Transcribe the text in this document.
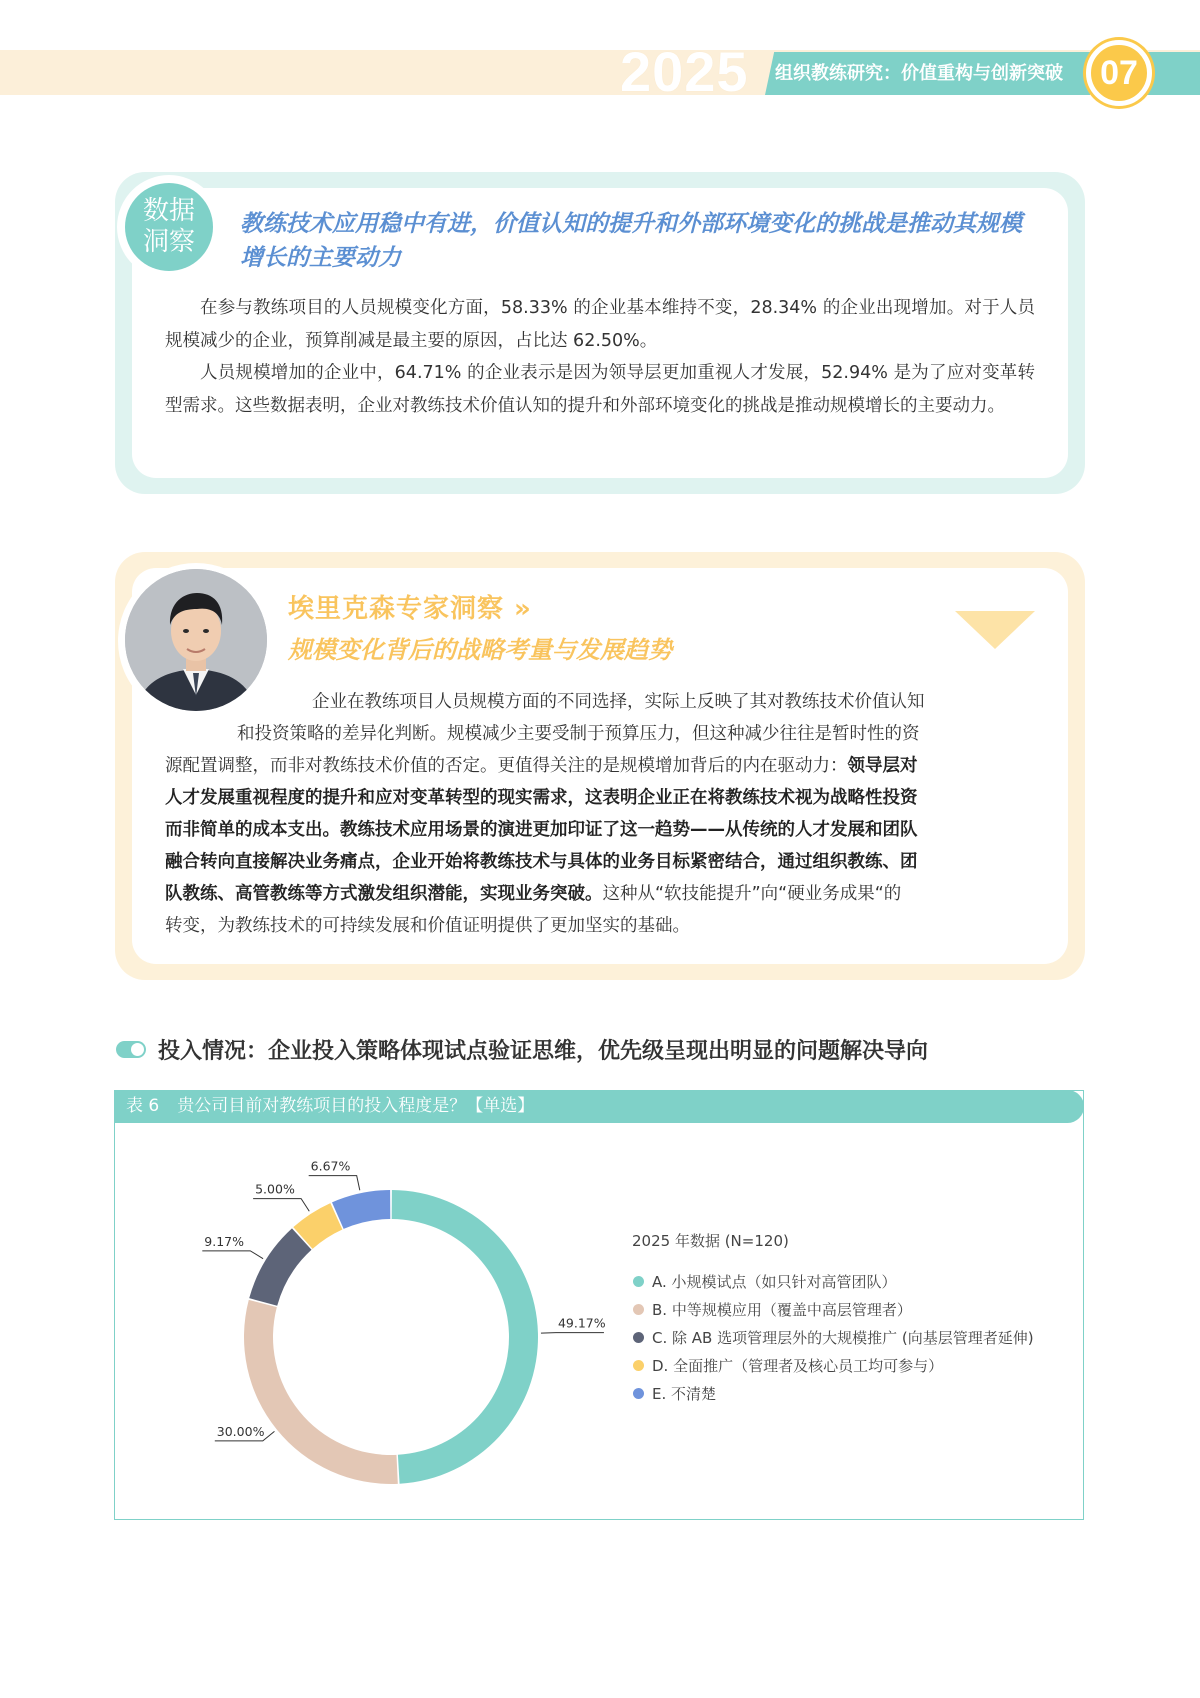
2025 组织教练研究：价值重构与创新突破 07
数据
洞察
教练技术应用稳中有进，价值认知的提升和外部环境变化的挑战是推动其规模增长的主要动力
在参与教练项目的人员规模变化方面，58.33% 的企业基本维持不变，28.34% 的企业出现增加。对于人员规模减少的企业，预算削减是最主要的原因，占比达 62.50%。
人员规模增加的企业中，64.71% 的企业表示是因为领导层更加重视人才发展，52.94% 是为了应对变革转型需求。这些数据表明，企业对教练技术价值认知的提升和外部环境变化的挑战是推动规模增长的主要动力。
埃里克森专家洞察 »
规模变化背后的战略考量与发展趋势
企业在教练项目人员规模方面的不同选择，实际上反映了其对教练技术价值认知
和投资策略的差异化判断。规模减少主要受制于预算压力，但这种减少往往是暂时性的资
源配置调整，而非对教练技术价值的否定。更值得关注的是规模增加背后的内在驱动力：领导层对
人才发展重视程度的提升和应对变革转型的现实需求，这表明企业正在将教练技术视为战略性投资
而非简单的成本支出。教练技术应用场景的演进更加印证了这一趋势——从传统的人才发展和团队
融合转向直接解决业务痛点，企业开始将教练技术与具体的业务目标紧密结合，通过组织教练、团
队教练、高管教练等方式激发组织潜能，实现业务突破。这种从“软技能提升”向“硬业务成果“的
转变，为教练技术的可持续发展和价值证明提供了更加坚实的基础。
投入情况：企业投入策略体现试点验证思维，优先级呈现出明显的问题解决导向
表 6 贵公司目前对教练项目的投入程度是？【单选】
49.17%
30.00%
9.17%
5.00%
6.67%
2025 年数据 (N=120)
A. 小规模试点（如只针对高管团队）
B. 中等规模应用（覆盖中高层管理者）
C. 除 AB 选项管理层外的大规模推广 (向基层管理者延伸)
D. 全面推广（管理者及核心员工均可参与）
E. 不清楚
